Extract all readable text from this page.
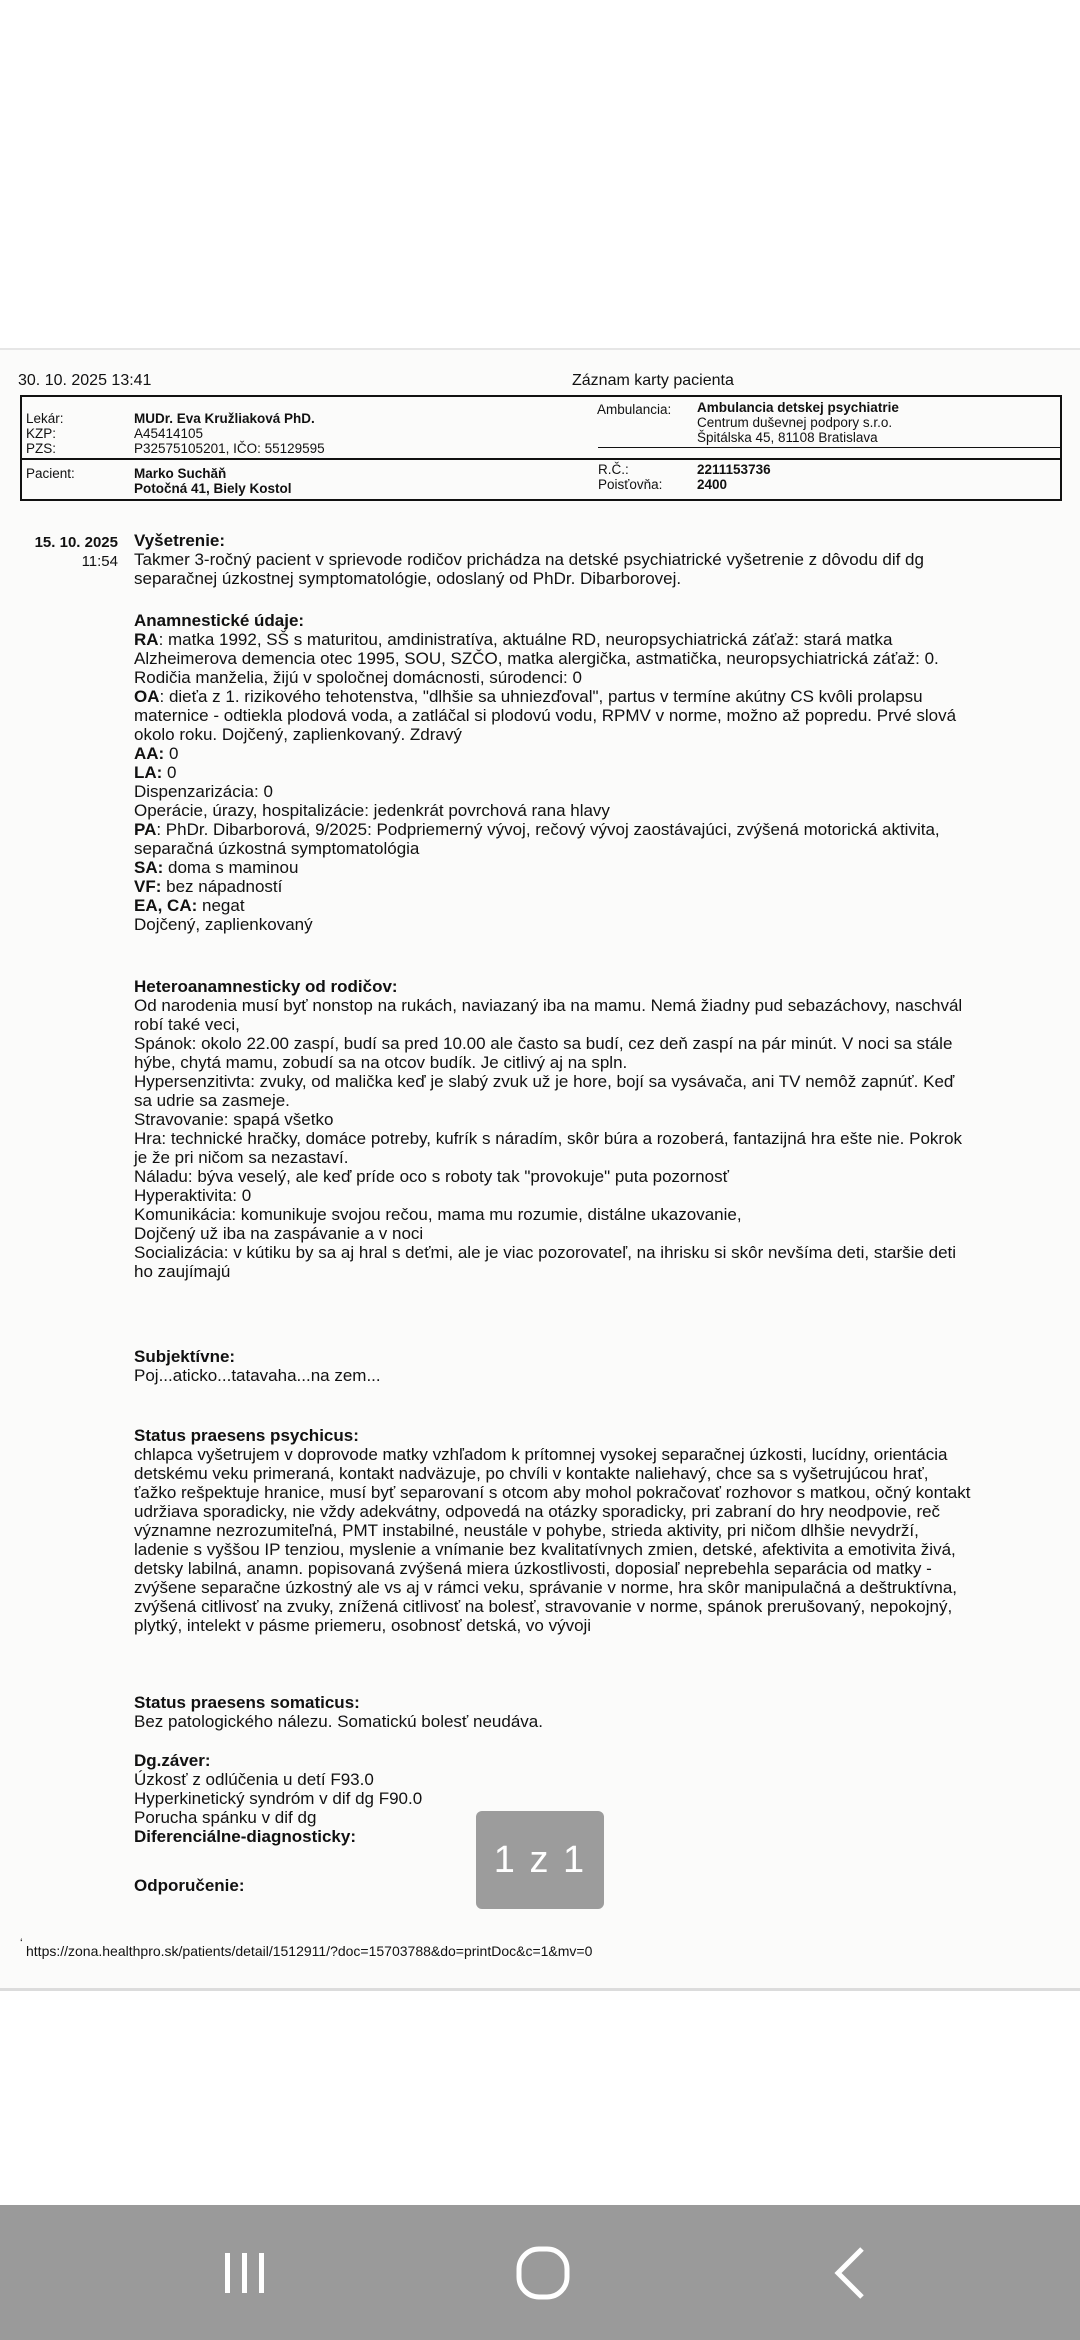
30. 10. 2025 13:41	Záznam karty pacienta
Lekár:
KZP:
PZS:
MUDr. Eva Kružliaková PhD.
A45414105
P32575105201, IČO: 55129595
Ambulancia: Ambulancia detskej psychiatrie
Centrum duševnej podpory s.r.o.
Špitálska 45, 81108 Bratislava
Pacient:	Marko Suchăň
Potočná 41, Biely Kostol
R.Č.:
Poisťovňa:
2211153736
2400
15. 10. 2025
11:54

Vyšetrenie:

Takmer 3-ročný pacient v sprievode rodičov prichádza na detské psychiatrické vyšetrenie z dôvodu dif dg

separačnej úzkostnej symptomatológie, odoslaný od PhDr. Dibarborovej.

Anamnestické údaje:

RA: matka 1992, SŠ s maturitou, amdinistratíva, aktuálne RD, neuropsychiatrická záťaž: stará matka

Alzheimerova demencia otec 1995, SOU, SZČO, matka alergička, astmatička, neuropsychiatrická záťaž: 0.

Rodičia manželia, žijú v spoločnej domácnosti, súrodenci: 0

OA: dieťa z 1. rizikového tehotenstva, "dlhšie sa uhniezďoval", partus v termíne akútny CS kvôli prolapsu

maternice - odtiekla plodová voda, a zatláčal si plodovú vodu, RPMV v norme, možno až popredu. Prvé slová

okolo roku. Dojčený, zaplienkovaný. Zdravý

AA: 0

LA: 0

Dispenzarizácia: 0

Operácie, úrazy, hospitalizácie: jedenkrát povrchová rana hlavy

PA: PhDr. Dibarborová, 9/2025: Podpriemerný vývoj, rečový vývoj zaostávajúci, zvýšená motorická aktivita,

separačná úzkostná symptomatológia

SA: doma s maminou

VF: bez nápadností

EA, CA: negat

Dojčený, zaplienkovaný

Heteroanamnesticky od rodičov:

Od narodenia musí byť nonstop na rukách, naviazaný iba na mamu. Nemá žiadny pud sebazáchovy, naschvál

robí také veci,

Spánok: okolo 22.00 zaspí, budí sa pred 10.00 ale často sa budí, cez deň zaspí na pár minút. V noci sa stále

hýbe, chytá mamu, zobudí sa na otcov budík. Je citlivý aj na spln.

Hypersenzitivta: zvuky, od malička keď je slabý zvuk už je hore, bojí sa vysávača, ani TV nemôž zapnúť. Keď

sa udrie sa zasmeje.

Stravovanie: spapá všetko

Hra: technické hračky, domáce potreby, kufrík s náradím, skôr búra a rozoberá, fantazijná hra ešte nie. Pokrok

je že pri ničom sa nezastaví.

Náladu: býva veselý, ale keď príde oco s roboty tak "provokuje" puta pozornosť

Hyperaktivita: 0

Komunikácia: komunikuje svojou rečou, mama mu rozumie, distálne ukazovanie,

Dojčený už iba na zaspávanie a v noci

Socializácia: v kútiku by sa aj hral s deťmi, ale je viac pozorovateľ, na ihrisku si skôr nevšíma deti, staršie deti

ho zaujímajú

Subjektívne:

Poj...aticko...tatavaha...na zem...

Status praesens psychicus:

chlapca vyšetrujem v doprovode matky vzhľadom k prítomnej vysokej separačnej úzkosti, lucídny, orientácia

detskému veku primeraná, kontakt nadväzuje, po chvíli v kontakte naliehavý, chce sa s vyšetrujúcou hrať,

ťažko rešpektuje hranice, musí byť separovaní s otcom aby mohol pokračovať rozhovor s matkou, očný kontakt

udržiava sporadicky, nie vždy adekvátny, odpovedá na otázky sporadicky, pri zabraní do hry neodpovie, reč

významne nezrozumiteľná, PMT instabilné, neustále v pohybe, strieda aktivity, pri ničom dlhšie nevydrží,

ladenie s vyššou IP tenziou, myslenie a vnímanie bez kvalitatívnych zmien, detské, afektivita a emotivita živá,

detsky labilná, anamn. popisovaná zvýšená miera úzkostlivosti, doposiaľ neprebehla separácia od matky -

zvýšene separačne úzkostný ale vs aj v rámci veku, správanie v norme, hra skôr manipulačná a deštruktívna,

zvýšená citlivosť na zvuky, znížená citlivosť na bolesť, stravovanie v norme, spánok prerušovaný, nepokojný,

plytký, intelekt v pásme priemeru, osobnosť detská, vo vývoji

Status praesens somaticus:

Bez patologického nálezu. Somatickú bolesť neudáva.

Dg.záver:

Úzkosť z odlúčenia u detí F93.0

Hyperkinetický syndróm v dif dg F90.0

Porucha spánku v dif dg

Diferenciálne-diagnosticky:

Odporučenie:

1 z 1
‘ https://zona.healthpro.sk/patients/detail/1512911/?doc=15703788&do=printDoc&c=1&mv=0
